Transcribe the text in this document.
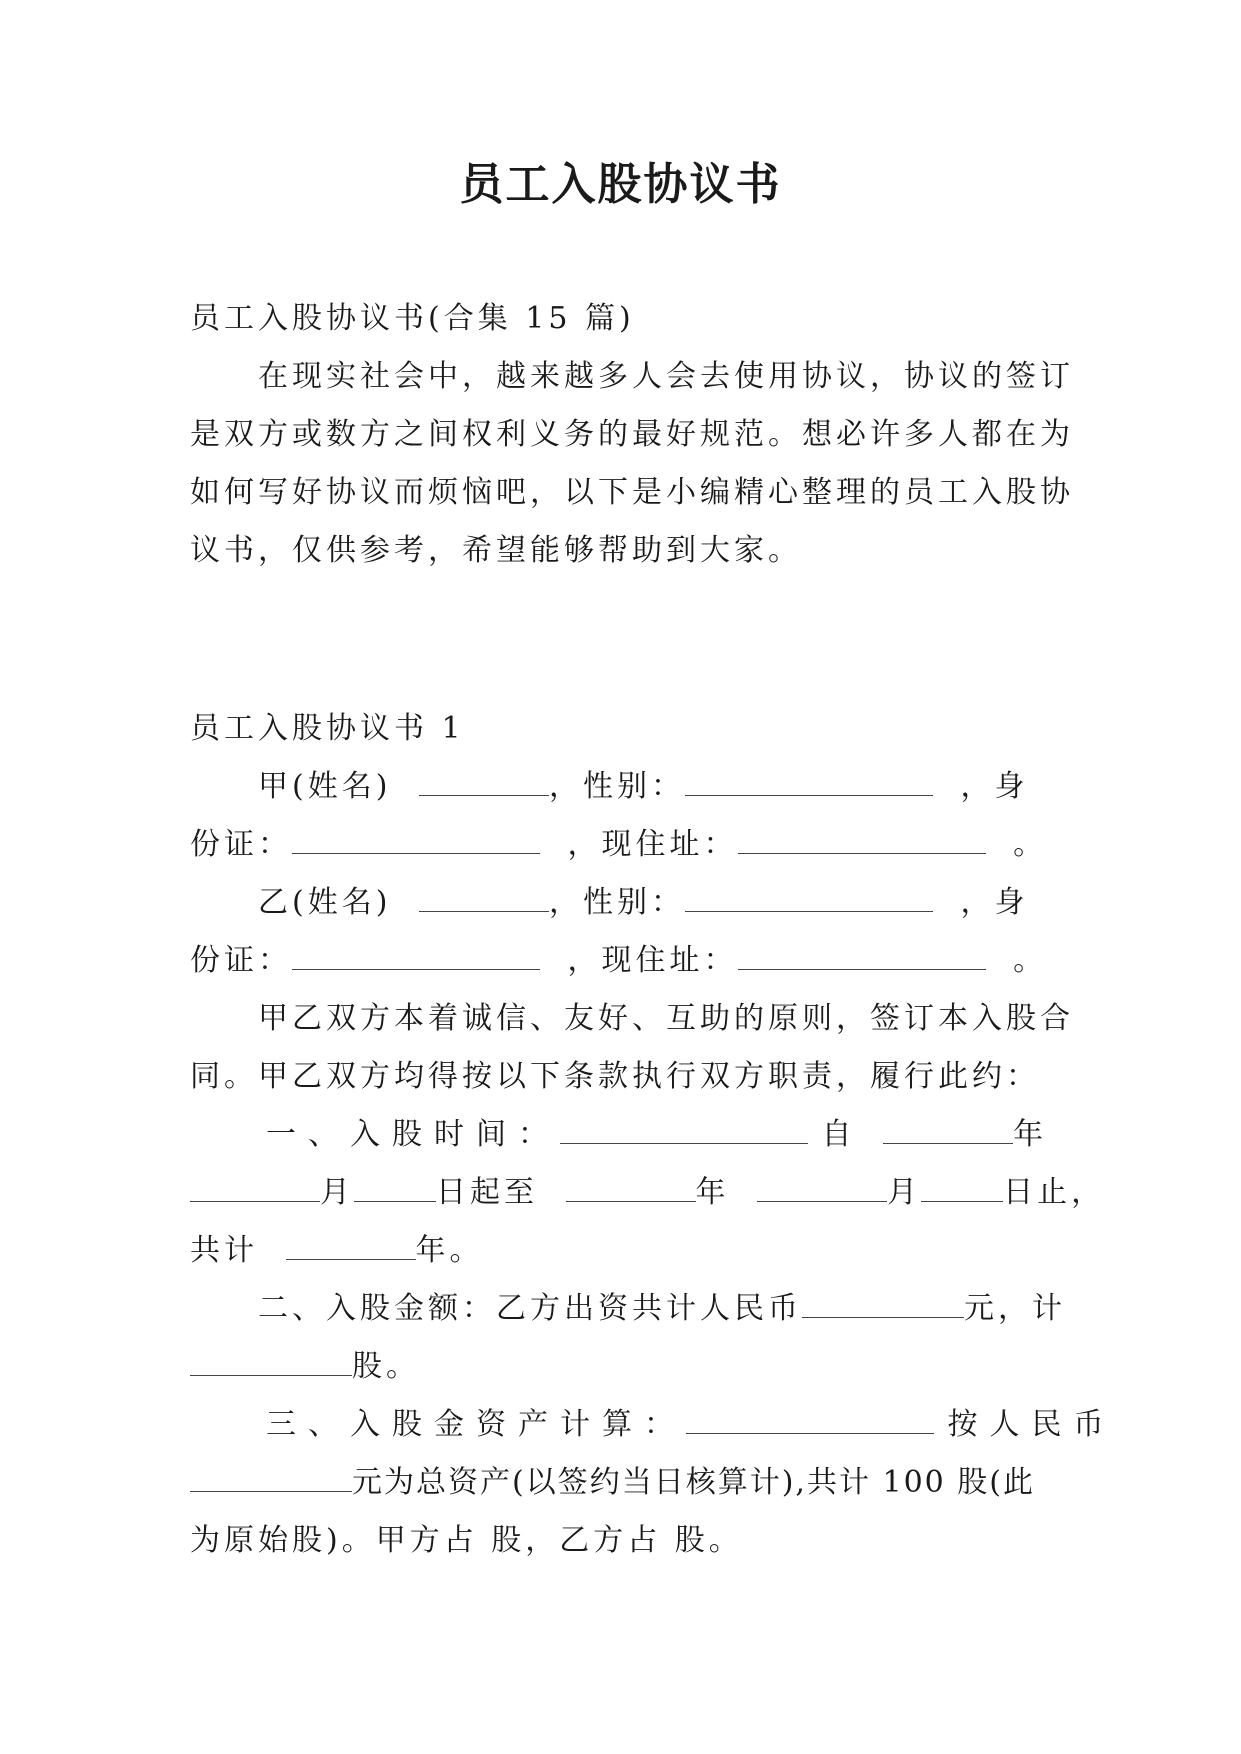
员工入股协议书
员工入股协议书(合集 15 篇)
在现实社会中，越来越多人会去使用协议，协议的签订
是双方或数方之间权利义务的最好规范。想必许多人都在为
如何写好协议而烦恼吧，以下是小编精心整理的员工入股协
议书，仅供参考，希望能够帮助到大家。
员工入股协议书 1
甲(姓名)	，性别：	，身
份证：	，现住址：	。
乙(姓名)	，性别：	，身
份证：	，现住址：	。
甲乙双方本着诚信、友好、互助的原则，签订本入股合
同。甲乙双方均得按以下条款执行双方职责，履行此约：
一、入股时间：	自	年
月	日起至	年	月	日止，
共计	年。
二、入股金额：乙方出资共计人民币	元，计
股。
三、入股金资产计算：	按人民币
元为总资产(以签约当日核算计),共计 100 股(此
为原始股)。甲方占 股，乙方占 股。
